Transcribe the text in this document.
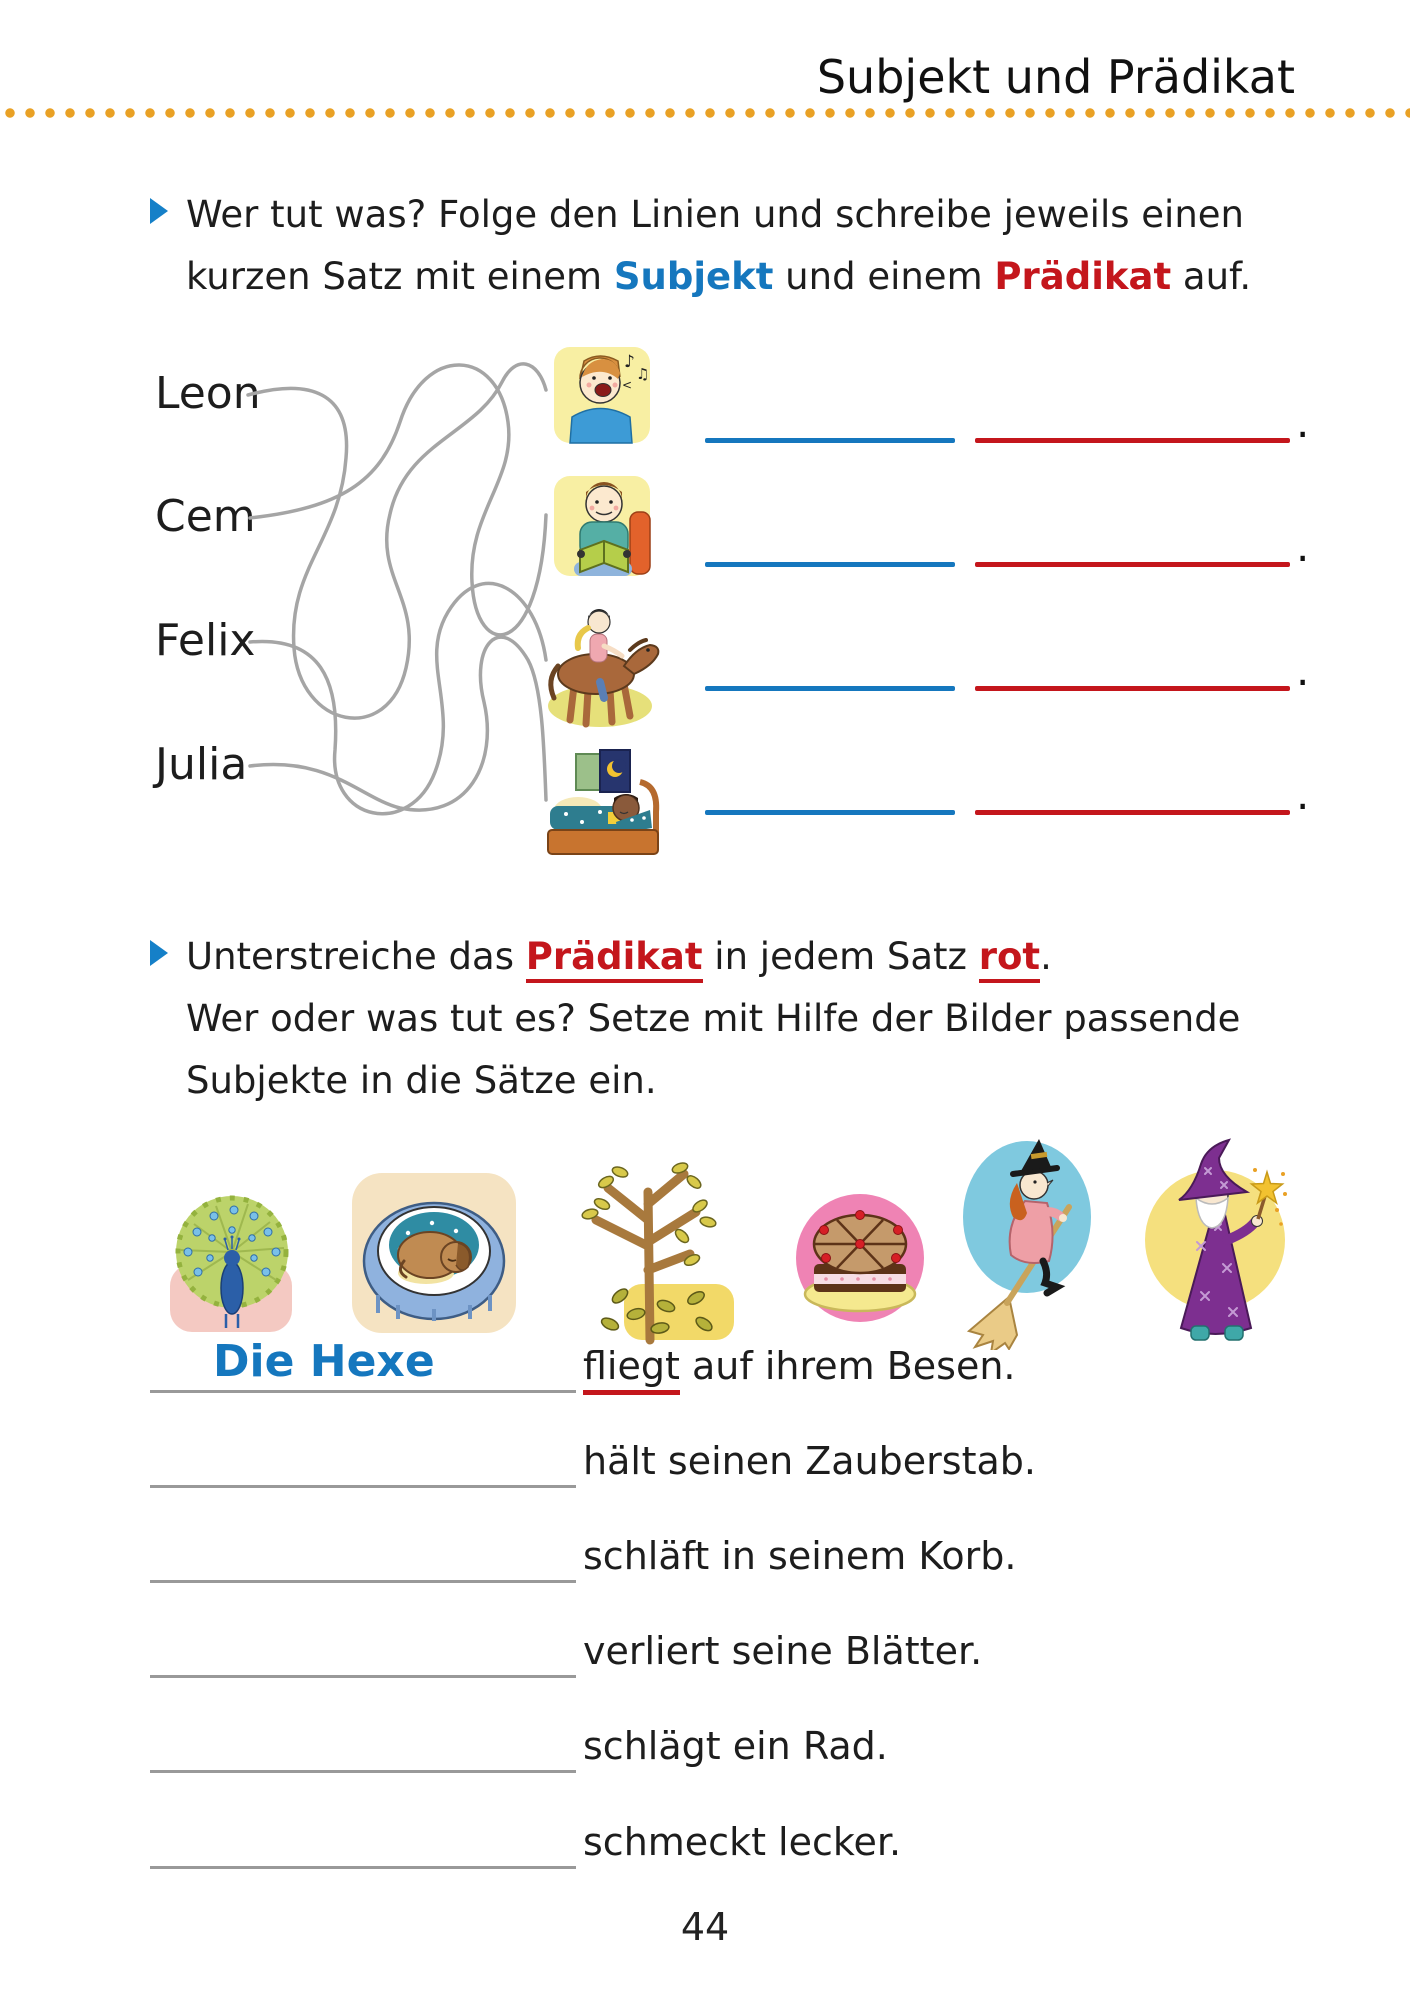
Subjekt und Prädikat
Wer tut was? Folge den Linien und schreibe jeweils einen
kurzen Satz mit einem Subjekt und einem Prädikat auf.
Leon
Cem
Felix
Julia
♪
♫
<
.
.
.
.
Unterstreiche das Prädikat in jedem Satz rot.
Wer oder was tut es? Setze mit Hilfe der Bilder passende
Subjekte in die Sätze ein.
Die Hexe	fliegt auf ihrem Besen.
hält seinen Zauberstab.
schläft in seinem Korb.
verliert seine Blätter.
schlägt ein Rad.
schmeckt lecker.
44
